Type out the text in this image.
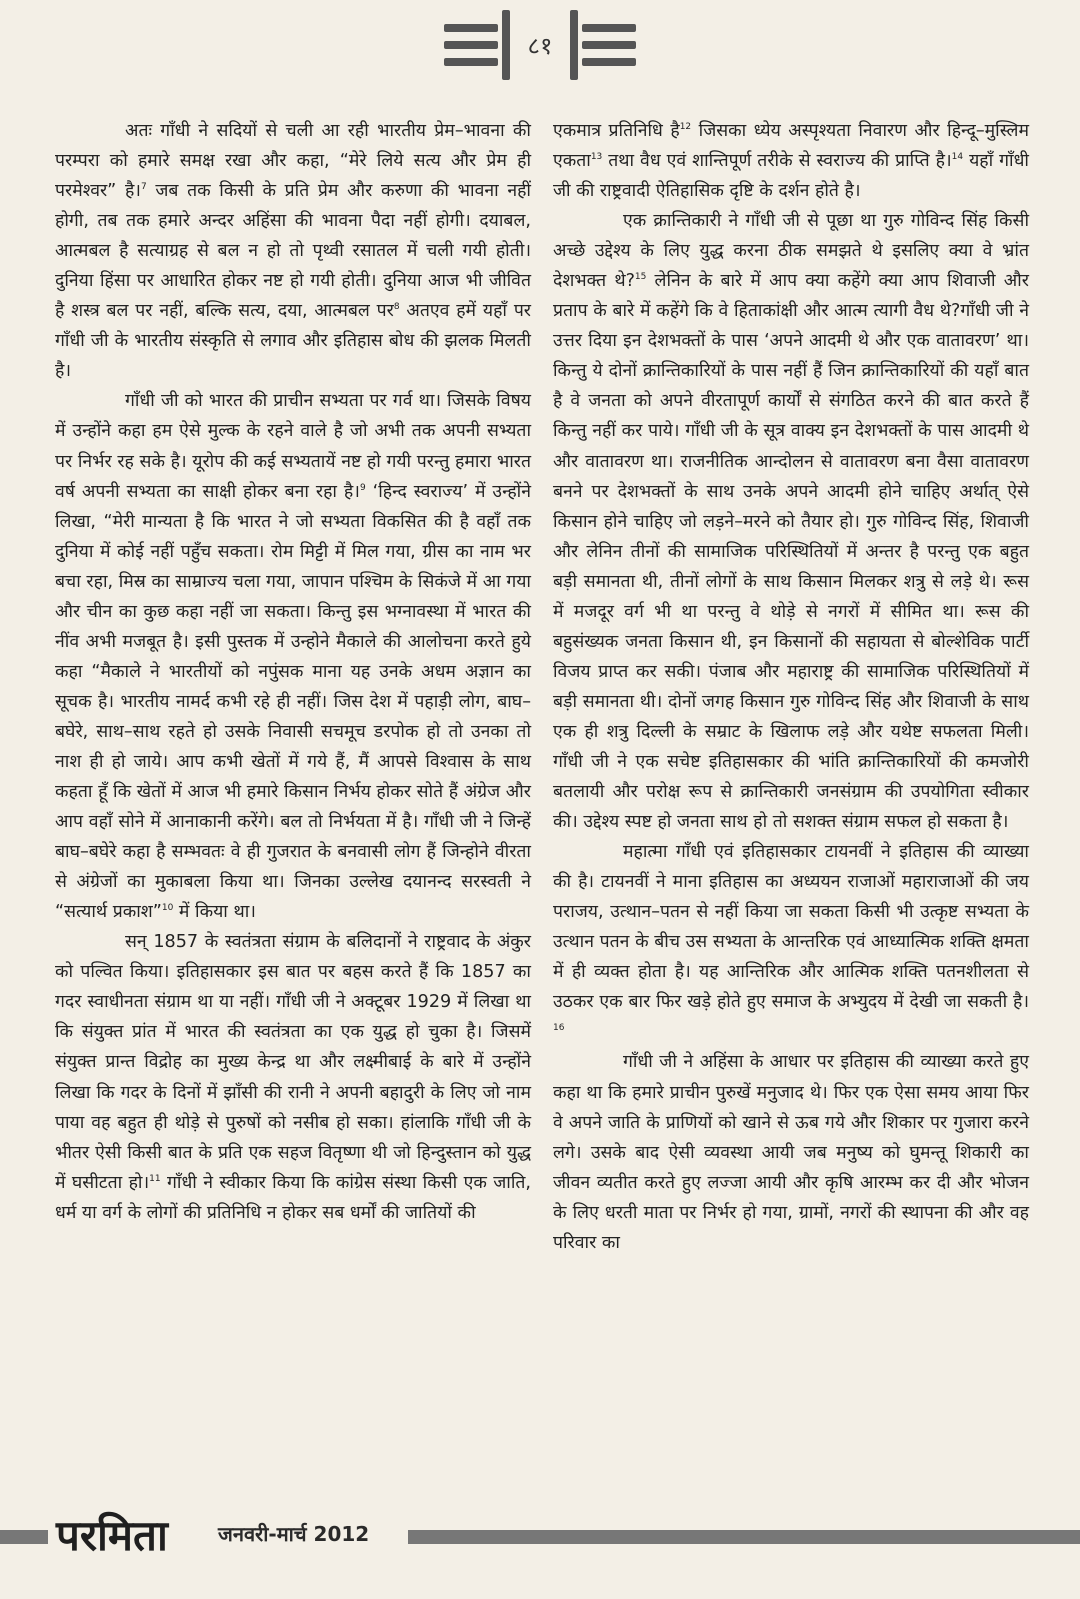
८१

अतः गाँधी ने सदियों से चली आ रही भारतीय प्रेम–भावना की परम्परा को हमारे समक्ष रखा और कहा, “मेरे लिये सत्य और प्रेम ही परमेश्वर” है।$^7$ जब तक किसी के प्रति प्रेम और करुणा की भावना नहीं होगी, तब तक हमारे अन्दर अहिंसा की भावना पैदा नहीं होगी। दयाबल, आत्मबल है सत्याग्रह से बल न हो तो पृथ्वी रसातल में चली गयी होती। दुनिया हिंसा पर आधारित होकर नष्ट हो गयी होती। दुनिया आज भी जीवित है शस्त्र बल पर नहीं, बल्कि सत्य, दया, आत्मबल पर$^8$ अतएव हमें यहाँ पर गाँधी जी के भारतीय संस्कृति से लगाव और इतिहास बोध की झलक मिलती है।

गाँधी जी को भारत की प्राचीन सभ्यता पर गर्व था। जिसके विषय में उन्होंने कहा हम ऐसे मुल्क के रहने वाले है जो अभी तक अपनी सभ्यता पर निर्भर रह सके है। यूरोप की कई सभ्यतायें नष्ट हो गयी परन्तु हमारा भारत वर्ष अपनी सभ्यता का साक्षी होकर बना रहा है।$^9$ ‘हिन्द स्वराज्य’ में उन्होंने लिखा, “मेरी मान्यता है कि भारत ने जो सभ्यता विकसित की है वहाँ तक दुनिया में कोई नहीं पहुँच सकता। रोम मिट्टी में मिल गया, ग्रीस का नाम भर बचा रहा, मिस्र का साम्राज्य चला गया, जापान पश्चिम के सिकंजे में आ गया और चीन का कुछ कहा नहीं जा सकता। किन्तु इस भग्नावस्था में भारत की नींव अभी मजबूत है। इसी पुस्तक में उन्होने मैकाले की आलोचना करते हुये कहा “मैकाले ने भारतीयों को नपुंसक माना यह उनके अधम अज्ञान का सूचक है। भारतीय नामर्द कभी रहे ही नहीं। जिस देश में पहाड़ी लोग, बाघ–बघेरे, साथ–साथ रहते हो उसके निवासी सचमूच डरपोक हो तो उनका तो नाश ही हो जाये। आप कभी खेतों में गये हैं, मैं आपसे विश्वास के साथ कहता हूँ कि खेतों में आज भी हमारे किसान निर्भय होकर सोते हैं अंग्रेज और आप वहाँ सोने में आनाकानी करेंगे। बल तो निर्भयता में है। गाँधी जी ने जिन्हें बाघ–बघेरे कहा है सम्भवतः वे ही गुजरात के बनवासी लोग हैं जिन्होने वीरता से अंग्रेजों का मुकाबला किया था। जिनका उल्लेख दयानन्द सरस्वती ने “सत्यार्थ प्रकाश”$^{10}$ में किया था।

सन् 1857 के स्वतंत्रता संग्राम के बलिदानों ने राष्ट्रवाद के अंकुर को पल्वित किया। इतिहासकार इस बात पर बहस करते हैं कि 1857 का गदर स्वाधीनता संग्राम था या नहीं। गाँधी जी ने अक्टूबर 1929 में लिखा था कि संयुक्त प्रांत में भारत की स्वतंत्रता का एक युद्ध हो चुका है। जिसमें संयुक्त प्रान्त विद्रोह का मुख्य केन्द्र था और लक्ष्मीबाई के बारे में उन्होंने लिखा कि गदर के दिनों में झाँसी की रानी ने अपनी बहादुरी के लिए जो नाम पाया वह बहुत ही थोड़े से पुरुषों को नसीब हो सका। हांलाकि गाँधी जी के भीतर ऐसी किसी बात के प्रति एक सहज वितृष्णा थी जो हिन्दुस्तान को युद्ध में घसीटता हो।$^{11}$ गाँधी ने स्वीकार किया कि कांग्रेस संस्था किसी एक जाति, धर्म या वर्ग के लोगों की प्रतिनिधि न होकर सब धर्मों की जातियों की

एकमात्र प्रतिनिधि है$^{12}$ जिसका ध्येय अस्पृश्यता निवारण और हिन्दू–मुस्लिम एकता$^{13}$ तथा वैध एवं शान्तिपूर्ण तरीके से स्वराज्य की प्राप्ति है।$^{14}$ यहाँ गाँधी जी की राष्ट्रवादी ऐतिहासिक दृष्टि के दर्शन होते है।

एक क्रान्तिकारी ने गाँधी जी से पूछा था गुरु गोविन्द सिंह किसी अच्छे उद्देश्य के लिए युद्ध करना ठीक समझते थे इसलिए क्या वे भ्रांत देशभक्त थे?$^{15}$ लेनिन के बारे में आप क्या कहेंगे क्या आप शिवाजी और प्रताप के बारे में कहेंगे कि वे हिताकांक्षी और आत्म त्यागी वैध थे?गाँधी जी ने उत्तर दिया इन देशभक्तों के पास ‘अपने आदमी थे और एक वातावरण’ था। किन्तु ये दोनों क्रान्तिकारियों के पास नहीं हैं जिन क्रान्तिकारियों की यहाँ बात है वे जनता को अपने वीरतापूर्ण कार्यों से संगठित करने की बात करते हैं किन्तु नहीं कर पाये। गाँधी जी के सूत्र वाक्य इन देशभक्तों के पास आदमी थे और वातावरण था। राजनीतिक आन्दोलन से वातावरण बना वैसा वातावरण बनने पर देशभक्तों के साथ उनके अपने आदमी होने चाहिए अर्थात् ऐसे किसान होने चाहिए जो लड़ने–मरने को तैयार हो। गुरु गोविन्द सिंह, शिवाजी और लेनिन तीनों की सामाजिक परिस्थितियों में अन्तर है परन्तु एक बहुत बड़ी समानता थी, तीनों लोगों के साथ किसान मिलकर शत्रु से लड़े थे। रूस में मजदूर वर्ग भी था परन्तु वे थोड़े से नगरों में सीमित था। रूस की बहुसंख्यक जनता किसान थी, इन किसानों की सहायता से बोल्शेविक पार्टी विजय प्राप्त कर सकी। पंजाब और महाराष्ट्र की सामाजिक परिस्थितियों में बड़ी समानता थी। दोनों जगह किसान गुरु गोविन्द सिंह और शिवाजी के साथ एक ही शत्रु दिल्ली के सम्राट के खिलाफ लड़े और यथेष्ट सफलता मिली। गाँधी जी ने एक सचेष्ट इतिहासकार की भांति क्रान्तिकारियों की कमजोरी बतलायी और परोक्ष रूप से क्रान्तिकारी जनसंग्राम की उपयोगिता स्वीकार की। उद्देश्य स्पष्ट हो जनता साथ हो तो सशक्त संग्राम सफल हो सकता है।

महात्मा गाँधी एवं इतिहासकार टायनवीं ने इतिहास की व्याख्या की है। टायनवीं ने माना इतिहास का अध्ययन राजाओं महाराजाओं की जय पराजय, उत्थान–पतन से नहीं किया जा सकता किसी भी उत्कृष्ट सभ्यता के उत्थान पतन के बीच उस सभ्यता के आन्तरिक एवं आध्यात्मिक शक्ति क्षमता में ही व्यक्त होता है। यह आन्तिरिक और आत्मिक शक्ति पतनशीलता से उठकर एक बार फिर खड़े होते हुए समाज के अभ्युदय में देखी जा सकती है।$^{16}$

गाँधी जी ने अहिंसा के आधार पर इतिहास की व्याख्या करते हुए कहा था कि हमारे प्राचीन पुरुखें मनुजाद थे। फिर एक ऐसा समय आया फिर वे अपने जाति के प्राणियों को खाने से ऊब गये और शिकार पर गुजारा करने लगे। उसके बाद ऐसी व्यवस्था आयी जब मनुष्य को घुमन्तू शिकारी का जीवन व्यतीत करते हुए लज्जा आयी और कृषि आरम्भ कर दी और भोजन के लिए धरती माता पर निर्भर हो गया, ग्रामों, नगरों की स्थापना की और वह परिवार का

परमिता	जनवरी-मार्च 2012
